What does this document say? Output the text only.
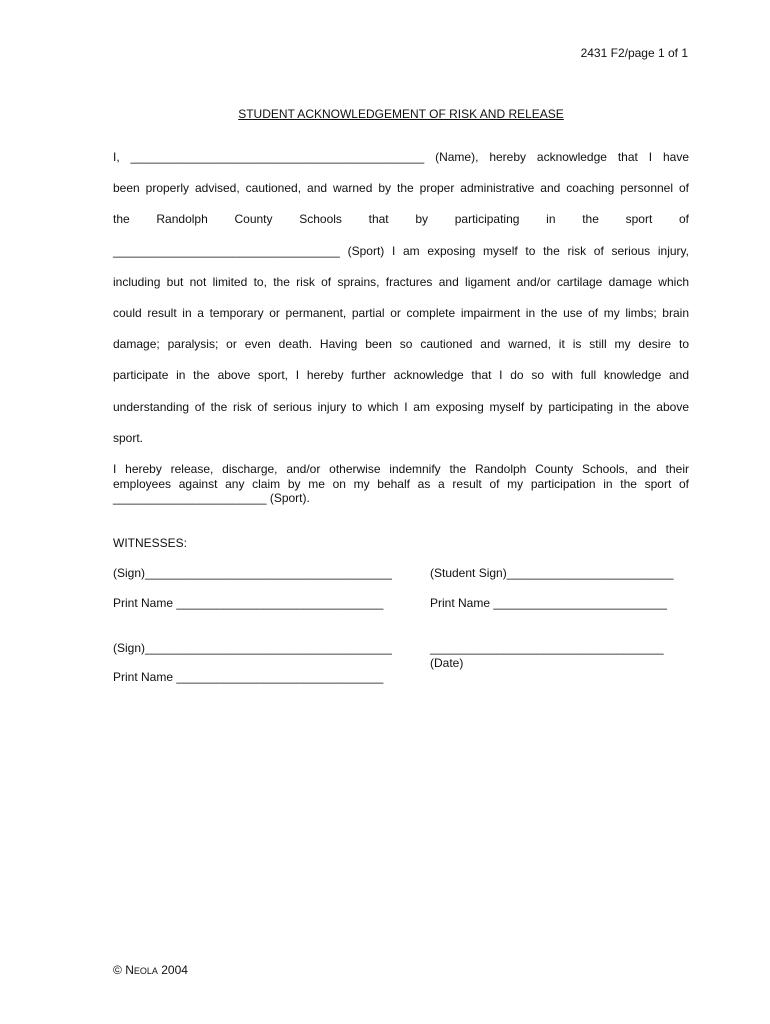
2431 F2/page 1 of 1
STUDENT ACKNOWLEDGEMENT OF RISK AND RELEASE
I, ____________________________________________ (Name), hereby acknowledge that I have
been properly advised, cautioned, and warned by the proper administrative and coaching personnel of
the Randolph County Schools that by participating in the sport of
__________________________________ (Sport) I am exposing myself to the risk of serious injury,
including but not limited to, the risk of sprains, fractures and ligament and/or cartilage damage which
could result in a temporary or permanent, partial or complete impairment in the use of my limbs; brain
damage; paralysis; or even death. Having been so cautioned and warned, it is still my desire to
participate in the above sport, I hereby further acknowledge that I do so with full knowledge and
understanding of the risk of serious injury to which I am exposing myself by participating in the above
sport.
I hereby release, discharge, and/or otherwise indemnify the Randolph County Schools, and their
employees against any claim by me on my behalf as a result of my participation in the sport of
_______________________ (Sport).
WITNESSES:
(Sign)_____________________________________
Print Name _______________________________
(Student Sign)_________________________
Print Name __________________________
(Sign)_____________________________________
Print Name _______________________________
___________________________________
(Date)
© NEOLA 2004
